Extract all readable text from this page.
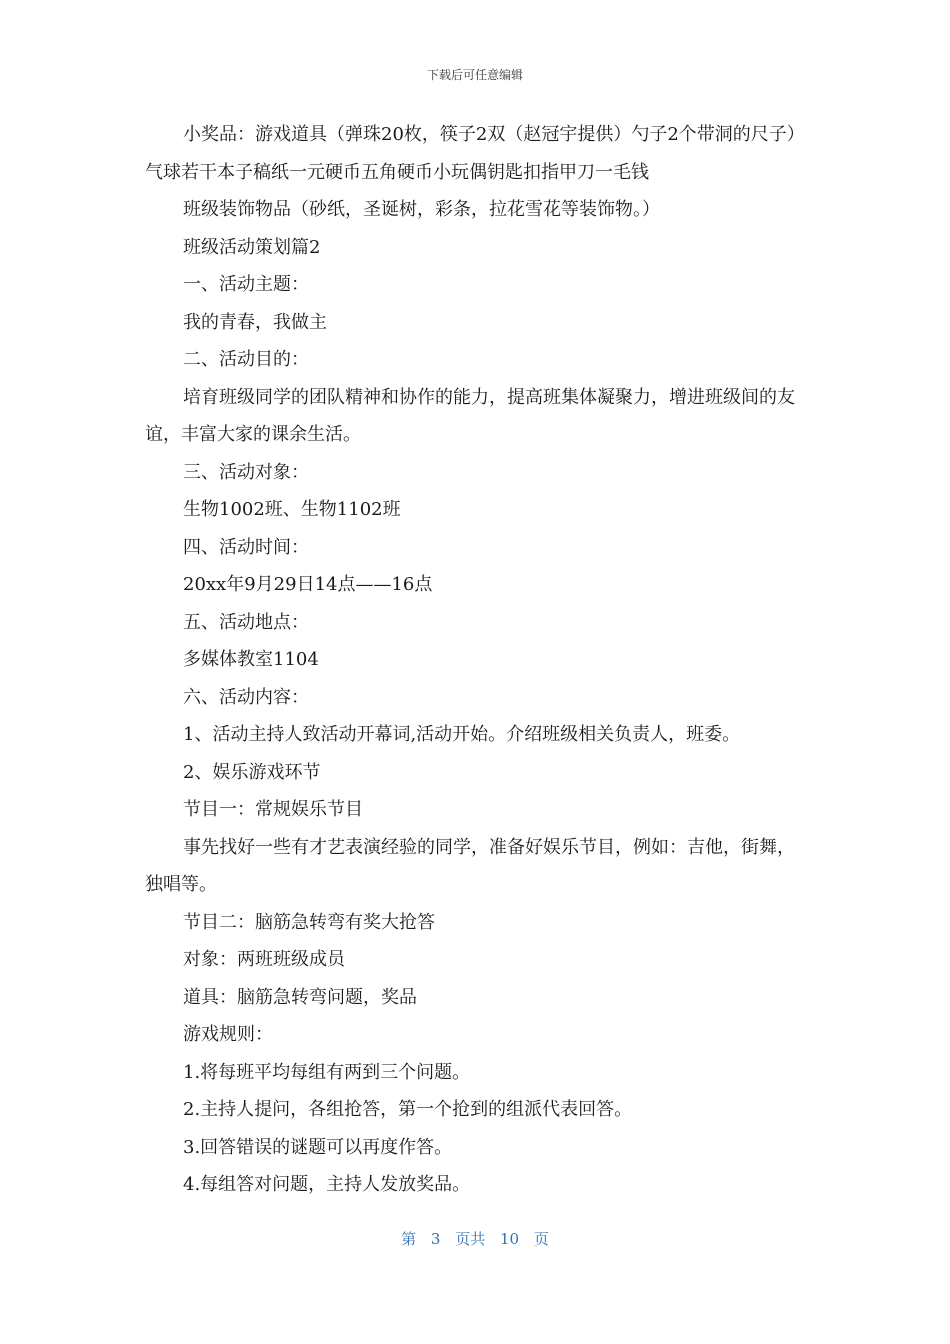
下载后可任意编辑

小奖品：游戏道具（弹珠20枚，筷子2双（赵冠宇提供）勺子2个带洞的尺子）气球若干本子稿纸一元硬币五角硬币小玩偶钥匙扣指甲刀一毛钱

班级装饰物品（砂纸，圣诞树，彩条，拉花雪花等装饰物。）

班级活动策划篇2

一、活动主题：

我的青春，我做主

二、活动目的：

培育班级同学的团队精神和协作的能力，提高班集体凝聚力，增进班级间的友谊，丰富大家的课余生活。

三、活动对象：

生物1002班、生物1102班

四、活动时间：

20xx年9月29日14点——16点

五、活动地点：

多媒体教室1104

六、活动内容：

1、活动主持人致活动开幕词,活动开始。介绍班级相关负责人，班委。

2、娱乐游戏环节

节目一：常规娱乐节目

事先找好一些有才艺表演经验的同学，准备好娱乐节目，例如：吉他，街舞，独唱等。

节目二：脑筋急转弯有奖大抢答

对象：两班班级成员

道具：脑筋急转弯问题，奖品

游戏规则：

1.将每班平均每组有两到三个问题。

2.主持人提问，各组抢答，第一个抢到的组派代表回答。

3.回答错误的谜题可以再度作答。

4.每组答对问题，主持人发放奖品。

第 3 页共 10 页
